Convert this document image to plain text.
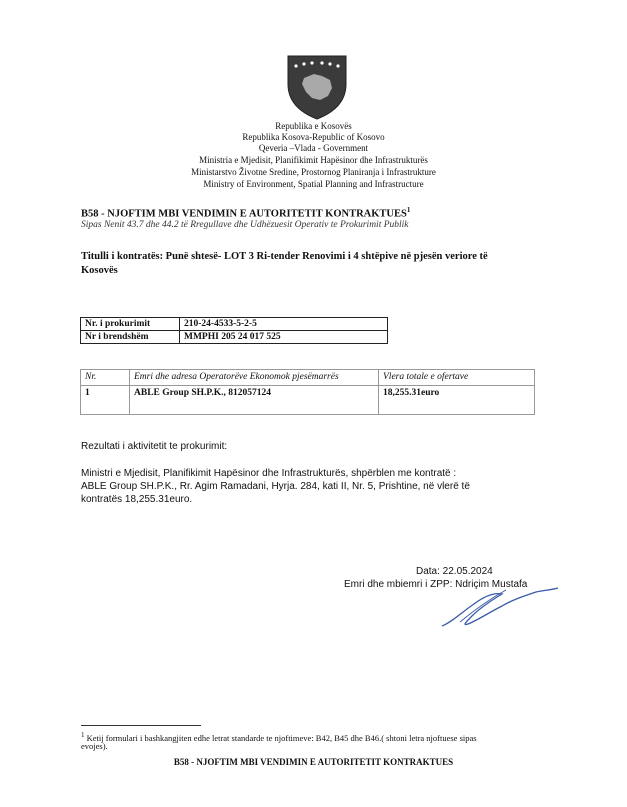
Republika e Kosovës
Republika Kosova-Republic of Kosovo
Qeveria –Vlada - Government
Ministria e Mjedisit, Planifikimit Hapësinor dhe Infrastrukturës
Ministarstvo Životne Sredine, Prostornog Planiranja i Infrastrukture
Ministry of Environment, Spatial Planning and Infrastructure
B58 - NJOFTIM MBI VENDIMIN E AUTORITETIT KONTRAKTUES$^1$
Sipas Nenit 43.7 dhe 44.2 të Rregullave dhe Udhëzuesit Operativ te Prokurimit Publik
Titulli i kontratës: Punë shtesë- LOT 3 Ri-tender Renovimi i 4 shtëpive në pjesën veriore të
Kosovës
Nr. i prokurimit	210-24-4533-5-2-5
Nr i brendshëm	MMPHI 205 24 017 525
Nr.	Emri dhe adresa Operatorëve Ekonomok pjesëmarrës	Vlera totale e ofertave
1	ABLE Group SH.P.K., 812057124	18,255.31euro
Rezultati i aktivitetit te prokurimit:
Ministri e Mjedisit, Planifikimit Hapësinor dhe Infrastrukturës, shpërblen me kontratë :
ABLE Group SH.P.K., Rr. Agim Ramadani, Hyrja. 284, kati II, Nr. 5, Prishtine, në vlerë të
kontratës 18,255.31euro.
Data: 22.05.2024
Emri dhe mbiemri i ZPP: Ndriçim Mustafa
$^1$ Ketij formulari i bashkangjiten edhe letrat standarde te njoftimeve: B42, B45 dhe B46.( shtoni letra njoftuese sipas
evojes).
B58 - NJOFTIM MBI VENDIMIN E AUTORITETIT KONTRAKTUES
